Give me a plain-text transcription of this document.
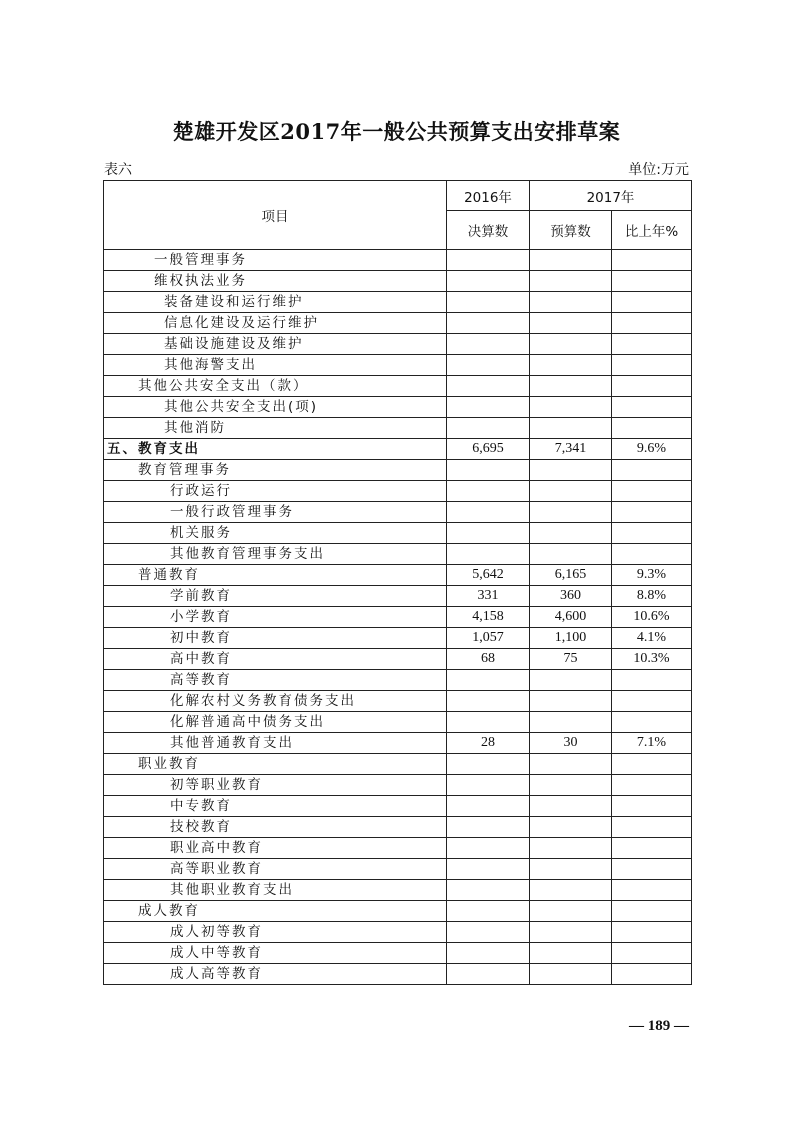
楚雄开发区2017年一般公共预算支出安排草案
表六	单位:万元
项目	2016年	2017年	
	决算数	预算数	比上年%
一般管理事务			
维权执法业务			
装备建设和运行维护			
信息化建设及运行维护			
基础设施建设及维护			
其他海警支出			
其他公共安全支出（款）			
其他公共安全支出(项)			
其他消防			
五、教育支出	6,695	7,341	9.6%
教育管理事务			
行政运行			
一般行政管理事务			
机关服务			
其他教育管理事务支出			
普通教育	5,642	6,165	9.3%
学前教育	331	360	8.8%
小学教育	4,158	4,600	10.6%
初中教育	1,057	1,100	4.1%
高中教育	68	75	10.3%
高等教育			
化解农村义务教育债务支出			
化解普通高中债务支出			
其他普通教育支出	28	30	7.1%
职业教育			
初等职业教育			
中专教育			
技校教育			
职业高中教育			
高等职业教育			
其他职业教育支出			
成人教育			
成人初等教育			
成人中等教育			
成人高等教育			
— 189 —
